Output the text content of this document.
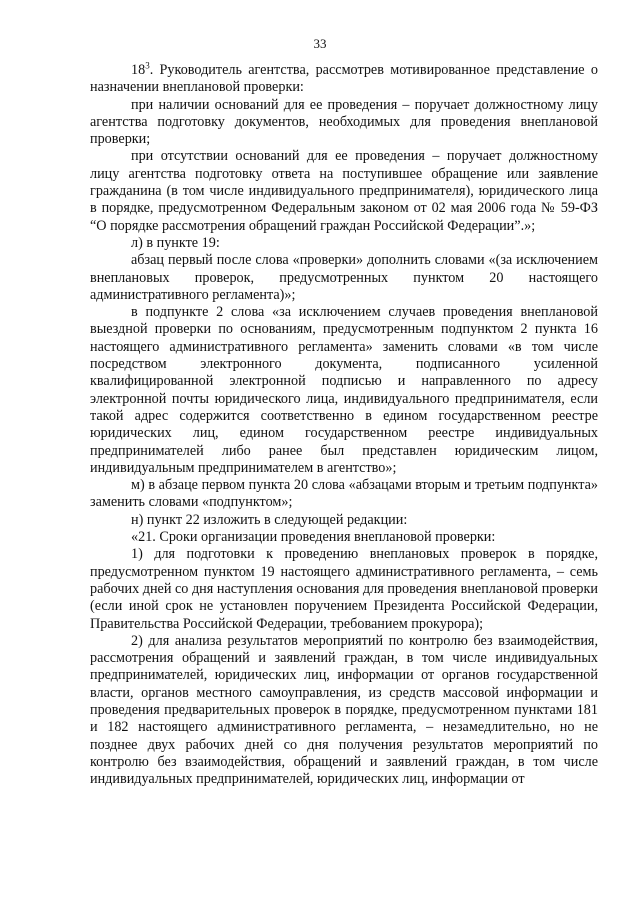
33

$18^3$. Руководитель агентства, рассмотрев мотивированное представление о назначении внеплановой проверки:

при наличии оснований для ее проведения – поручает должностному лицу агентства подготовку документов, необходимых для проведения внеплановой проверки;

при отсутствии оснований для ее проведения – поручает должностному лицу агентства подготовку ответа на поступившее обращение или заявление гражданина (в том числе индивидуального предпринимателя), юридического лица в порядке, предусмотренном Федеральным законом от 02 мая 2006 года № 59-ФЗ “О порядке рассмотрения обращений граждан Российской Федерации”.»;

л) в пункте 19:

абзац первый после слова «проверки» дополнить словами «(за исключением внеплановых проверок, предусмотренных пунктом 20 настоящего административного регламента)»;

в подпункте 2 слова «за исключением случаев проведения внеплановой выездной проверки по основаниям, предусмотренным подпунктом 2 пункта 16 настоящего административного регламента» заменить словами «в том числе посредством электронного документа, подписанного усиленной квалифицированной электронной подписью и направленного по адресу электронной почты юридического лица, индивидуального предпринимателя, если такой адрес содержится соответственно в едином государственном реестре юридических лиц, едином государственном реестре индивидуальных предпринимателей либо ранее был представлен юридическим лицом, индивидуальным предпринимателем в агентство»;

м) в абзаце первом пункта 20 слова «абзацами вторым и третьим подпункта» заменить словами «подпунктом»;

н) пункт 22 изложить в следующей редакции:

«21. Сроки организации проведения внеплановой проверки:

1) для подготовки к проведению внеплановых проверок в порядке, предусмотренном пунктом 19 настоящего административного регламента, – семь рабочих дней со дня наступления основания для проведения внеплановой проверки (если иной срок не установлен поручением Президента Российской Федерации, Правительства Российской Федерации, требованием прокурора);

2) для анализа результатов мероприятий по контролю без взаимодействия, рассмотрения обращений и заявлений граждан, в том числе индивидуальных предпринимателей, юридических лиц, информации от органов государственной власти, органов местного самоуправления, из средств массовой информации и проведения предварительных проверок в порядке, предусмотренном пунктами 181 и 182 настоящего административного регламента, – незамедлительно, но не позднее двух рабочих дней со дня получения результатов мероприятий по контролю без взаимодействия, обращений и заявлений граждан, в том числе индивидуальных предпринимателей, юридических лиц, информации от
